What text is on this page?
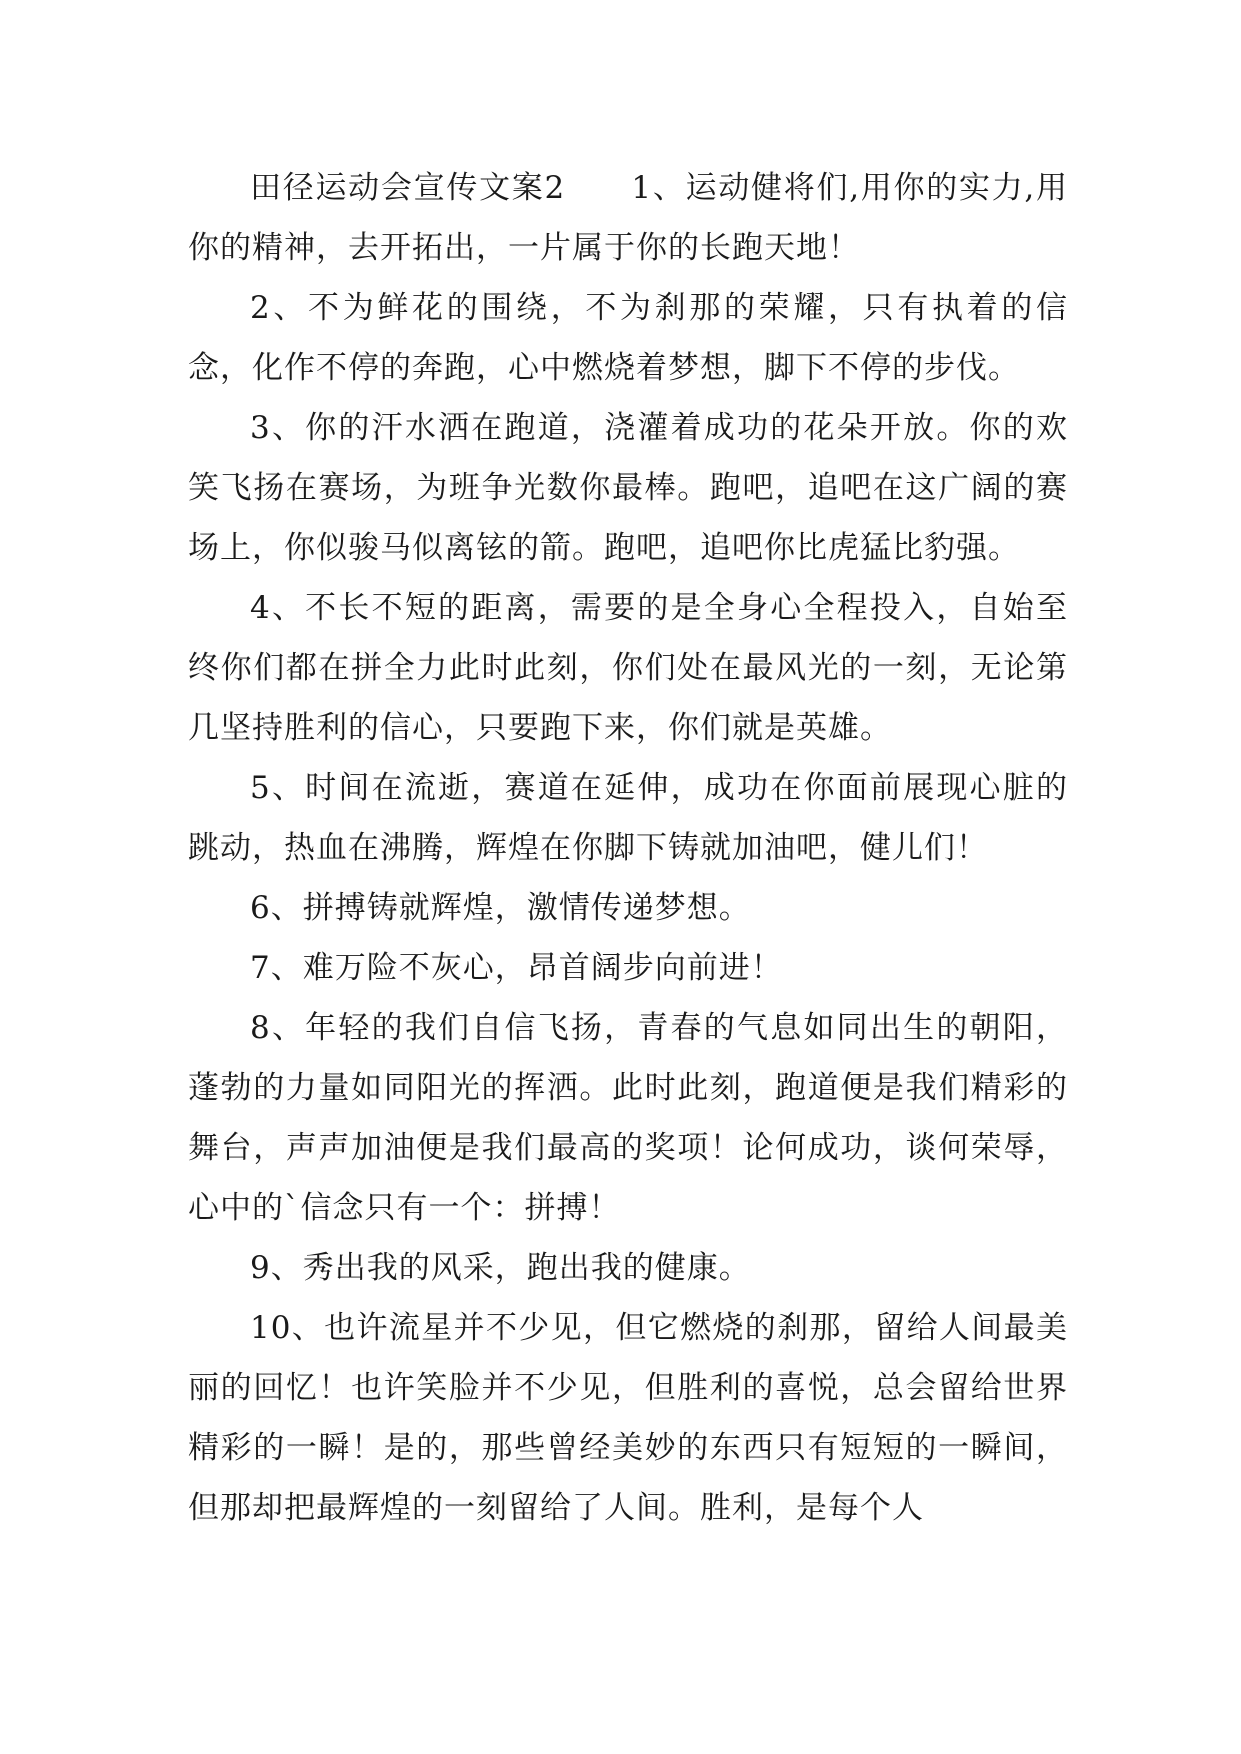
田径运动会宣传文案2　　1、运动健将们,用你的实力,用你的精神，去开拓出，一片属于你的长跑天地！

2、不为鲜花的围绕，不为刹那的荣耀，只有执着的信念，化作不停的奔跑，心中燃烧着梦想，脚下不停的步伐。

3、你的汗水洒在跑道，浇灌着成功的花朵开放。你的欢笑飞扬在赛场，为班争光数你最棒。跑吧，追吧在这广阔的赛场上，你似骏马似离铉的箭。跑吧，追吧你比虎猛比豹强。

4、不长不短的距离，需要的是全身心全程投入，自始至终你们都在拼全力此时此刻，你们处在最风光的一刻，无论第几坚持胜利的信心，只要跑下来，你们就是英雄。

5、时间在流逝，赛道在延伸，成功在你面前展现心脏的跳动，热血在沸腾，辉煌在你脚下铸就加油吧，健儿们！

6、拼搏铸就辉煌，激情传递梦想。

7、难万险不灰心，昂首阔步向前进！

8、年轻的我们自信飞扬，青春的气息如同出生的朝阳，蓬勃的力量如同阳光的挥洒。此时此刻，跑道便是我们精彩的舞台，声声加油便是我们最高的奖项！论何成功，谈何荣辱，心中的`信念只有一个：拼搏！

9、秀出我的风采，跑出我的健康。

10、也许流星并不少见，但它燃烧的刹那，留给人间最美丽的回忆！也许笑脸并不少见，但胜利的喜悦，总会留给世界精彩的一瞬！是的，那些曾经美妙的东西只有短短的一瞬间，但那却把最辉煌的一刻留给了人间。胜利，是每个人
